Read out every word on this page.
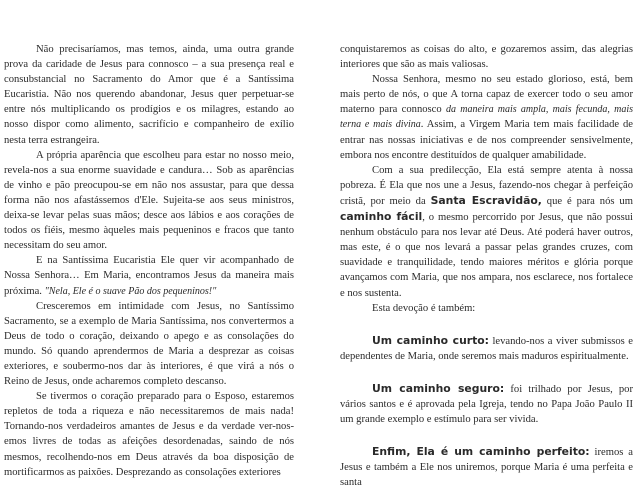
Não precisaríamos, mas temos, ainda, uma outra grande prova da caridade de Jesus para connosco – a sua presença real e consubstancial no Sacramento do Amor que é a Santíssima Eucaristia. Não nos querendo abandonar, Jesus quer perpetuar-se entre nós multiplicando os prodígios e os milagres, estando ao nosso dispor como alimento, sacrifício e companheiro de exílio nesta terra estrangeira.

A própria aparência que escolheu para estar no nosso meio, revela-nos a sua enorme suavidade e candura… Sob as aparências de vinho e pão preocupou-se em não nos assustar, para que dessa forma não nos afastássemos d'Ele. Sujeita-se aos seus ministros, deixa-se levar pelas suas mãos; desce aos lábios e aos corações de todos os fiéis, mesmo àqueles mais pequeninos e fracos que tanto necessitam do seu amor.

E na Santíssima Eucaristia Ele quer vir acompanhado de Nossa Senhora… Em Maria, encontramos Jesus da maneira mais próxima. "Nela, Ele é o suave Pão dos pequeninos!"

Cresceremos em intimidade com Jesus, no Santíssimo Sacramento, se a exemplo de Maria Santíssima, nos convertermos a Deus de todo o coração, deixando o apego e as consolações do mundo. Só quando aprendermos de Maria a desprezar as coisas exteriores, e soubermo-nos dar às interiores, é que virá a nós o Reino de Jesus, onde acharemos completo descanso.

Se tivermos o coração preparado para o Esposo, estaremos repletos de toda a riqueza e não necessitaremos de mais nada! Tornando-nos verdadeiros amantes de Jesus e da verdade ver-nos-emos livres de todas as afeições desordenadas, saindo de nós mesmos, recolhendo-nos em Deus através da boa disposição de mortificarmos as paixões. Desprezando as consolações exteriores

conquistaremos as coisas do alto, e gozaremos assim, das alegrias interiores que são as mais valiosas.

Nossa Senhora, mesmo no seu estado glorioso, está, bem mais perto de nós, o que A torna capaz de exercer todo o seu amor materno para connosco da maneira mais ampla, mais fecunda, mais terna e mais divina. Assim, a Virgem Maria tem mais facilidade de entrar nas nossas iniciativas e de nos compreender sensivelmente, embora nos encontre destituídos de qualquer amabilidade.

Com a sua predilecção, Ela está sempre atenta à nossa pobreza. É Ela que nos une a Jesus, fazendo-nos chegar à perfeição cristã, por meio da Santa Escravidão, que é para nós um caminho fácil, o mesmo percorrido por Jesus, que não possui nenhum obstáculo para nos levar até Deus. Até poderá haver outros, mas este, é o que nos levará a passar pelas grandes cruzes, com suavidade e tranquilidade, tendo maiores méritos e glória porque avançamos com Maria, que nos ampara, nos esclarece, nos fortalece e nos sustenta.

Esta devoção é também:

Um caminho curto: levando-nos a viver submissos e dependentes de Maria, onde seremos mais maduros espiritualmente.

Um caminho seguro: foi trilhado por Jesus, por vários santos e é aprovada pela Igreja, tendo no Papa João Paulo II um grande exemplo e estímulo para ser vivida.

Enfim, Ela é um caminho perfeito: iremos a Jesus e também a Ele nos uniremos, porque Maria é uma perfeita e santa
